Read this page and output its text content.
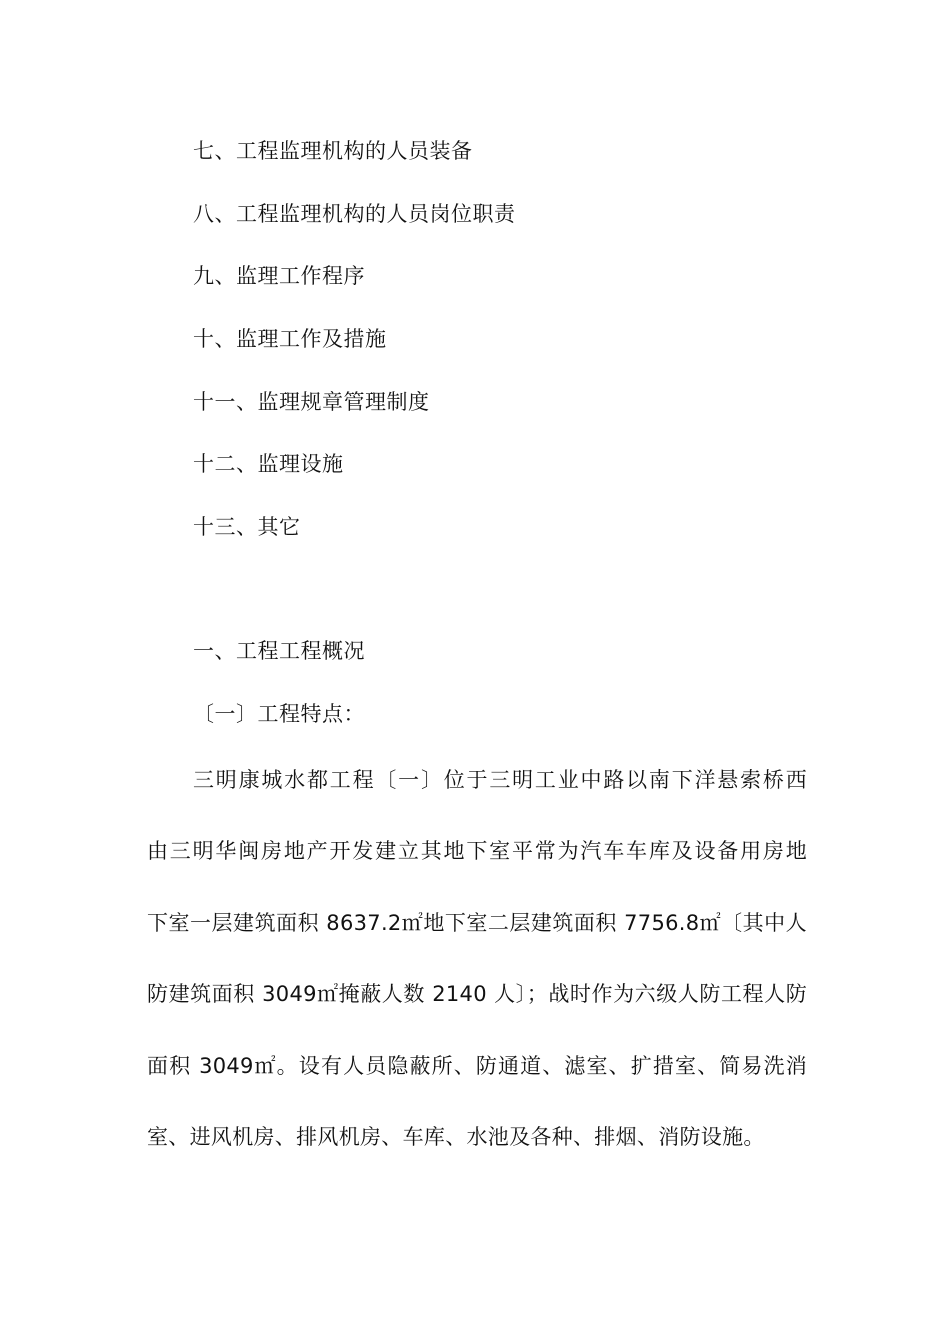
七、工程监理机构的人员装备
八、工程监理机构的人员岗位职责
九、监理工作程序
十、监理工作及措施
十一、监理规章管理制度
十二、监理设施
十三、其它
一、工程工程概况
〔一〕工程特点：
三明康城水都工程〔一〕位于三明工业中路以南下洋悬索桥西
由三明华闽房地产开发建立其地下室平常为汽车车库及设备用房地
下室一层建筑面积 8637.2㎡地下室二层建筑面积 7756.8㎡〔其中人
防建筑面积 3049㎡掩蔽人数 2140 人〕；战时作为六级人防工程人防
面积 3049㎡。设有人员隐蔽所、防通道、滤室、扩措室、简易洗消
室、进风机房、排风机房、车库、水池及各种、排烟、消防设施。
